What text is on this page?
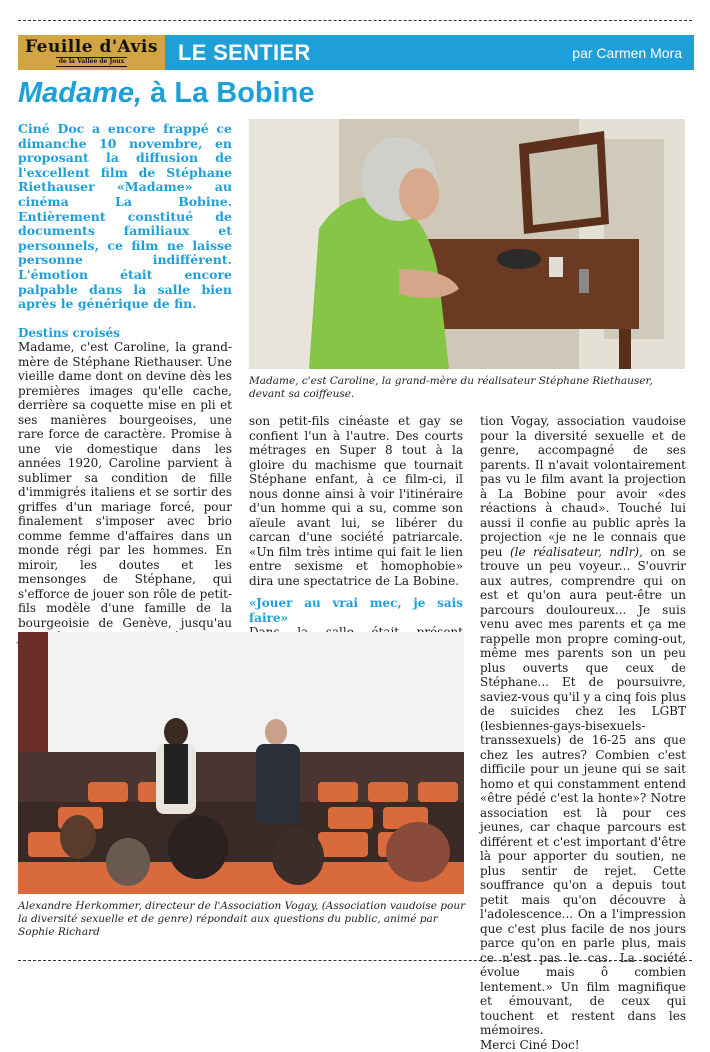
Feuille d'Avis
de la Vallée de Joux LE SENTIER	par Carmen Mora
Madame, à La Bobine

Ciné Doc a encore frappé ce dimanche 10 novembre, en proposant la diffusion de l'excellent film de Stéphane Riethauser «Madame» au cinéma La Bobine. Entièrement constitué de documents familiaux et personnels, ce film ne laisse personne indifférent. L'émotion était encore palpable dans la salle bien après le générique de fin.

Destins croisés

Madame, c'est Caroline, la grand-mère de Stéphane Riethauser. Une vieille dame dont on devine dès les premières images qu'elle cache, derrière sa coquette mise en pli et ses manières bourgeoises, une rare force de caractère. Promise à une vie domestique dans les années 1920, Caroline parvient à sublimer sa condition de fille d'immigrés italiens et se sortir des griffes d'un mariage forcé, pour finalement s'imposer avec brio comme femme d'affaires dans un monde régi par les hommes. En miroir, les doutes et les mensonges de Stéphane, qui s'efforce de jouer son rôle de petit-fils modèle d'une famille de la bourgeoisie de Genève, jusqu'au

Madame, c'est Caroline, la grand-mère du réalisateur Stéphane Riethauser, devant sa coiffeuse.

son petit-fils cinéaste et gay se confient l'un à l'autre. Des courts métrages en Super 8 tout à la gloire du machisme que tournait Stéphane enfant, à ce film-ci, il nous donne ainsi à voir l'itinéraire d'un homme qui a su, comme son aïeule avant lui, se libérer du carcan d'une société patriarcale. «Un film très intime qui fait le lien entre sexisme et homophobie» dira une spectatrice de La Bobine.

«Jouer au vrai mec, je sais faire»

tion Vogay, association vaudoise pour la diversité sexuelle et de genre, accompagné de ses parents. Il n'avait volontairement pas vu le film avant la projection à La Bobine pour avoir «des réactions à chaud». Touché lui aussi il confie au public après la projection «je ne le connais que peu (le réalisateur, ndlr), on se trouve un peu voyeur... S'ouvrir aux autres, comprendre qui on est et qu'on aura peut-être un parcours douloureux... Je suis venu avec mes parents et ça me rappelle mon propre coming-out, même mes parents son un peu plus ouverts que ceux de Stéphane... Et de poursuivre, saviez-vous qu'il y a cinq fois plus de suicides chez les LGBT (lesbiennes-gays-bisexuels-transsexuels) de 16-25 ans que chez les autres? Combien c'est difficile pour un jeune qui se sait homo et qui constamment entend «être pédé c'est la honte»? Notre association est là pour ces jeunes, car chaque parcours est différent et c'est important d'être là pour apporter du soutien, ne plus sentir de rejet. Cette souffrance qu'on a depuis tout petit mais qu'on découvre à l'adolescence... On a l'impression que c'est plus facile de nos jours parce qu'on en parle plus, mais ce n'est pas le cas. La société évolue mais ô combien lentement.» Un film magnifique et émouvant, de ceux qui touchent et restent dans les mémoires.

Merci Ciné Doc!

Alexandre Herkommer, directeur de l'Association Vogay, (Association vaudoise pour la diversité sexuelle et de genre) répondait aux questions du public, animé par Sophie Richard
